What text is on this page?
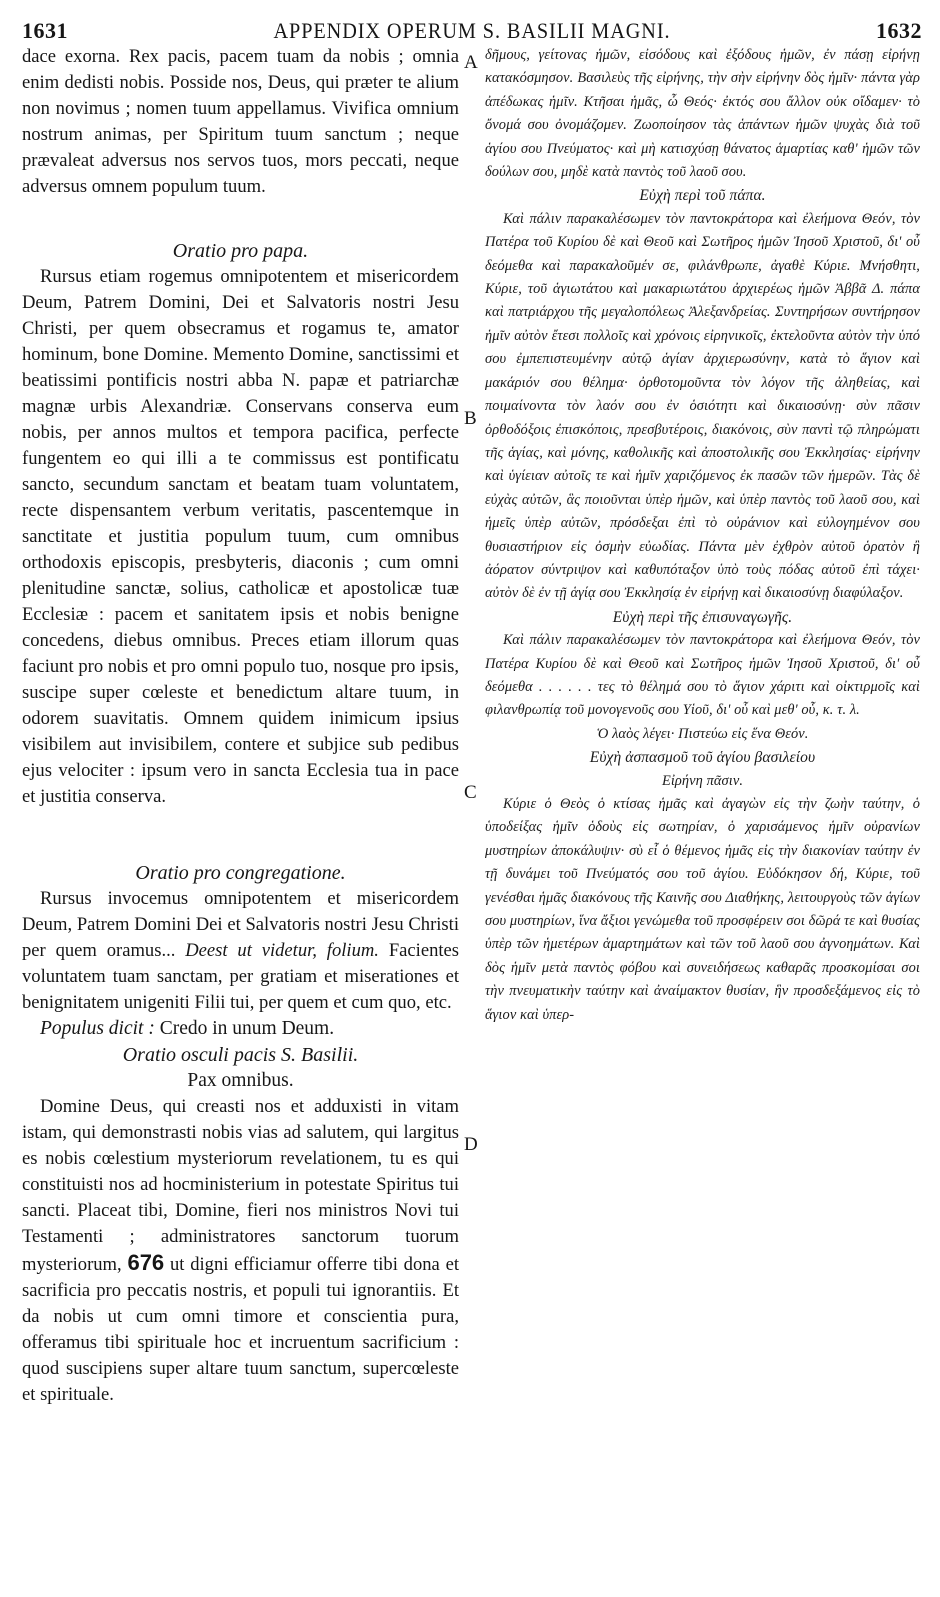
1631	APPENDIX OPERUM S. BASILII MAGNI.	1632
A
B
C
D

dace exorna. Rex pacis, pacem tuam da nobis ; omnia enim dedisti nobis. Possidе nos, Deus, qui præter te alium non novimus ; nomen tuum appellamus. Vivifica omnium nostrum animas, per Spiritum tuum sanctum ; neque prævaleat adversus nos servos tuos, mors peccati, neque adversus omnem populum tuum.

Oratio pro papa.

Rursus etiam rogemus omnipotentem et misericordem Deum, Patrem Domini, Dei et Salvatoris nostri Jesu Christi, per quem obsecramus et rogamus te, amator hominum, bone Domine. Memento Domine, sanctissimi et beatissimi pontificis nostri abba N. papæ et patriarchæ magnæ urbis Alexandriæ. Conservans conserva eum nobis, per annos multos et tempora pacifica, perfecte fungentem eo qui illi a te commissus est pontificatu sancto, secundum sanctam et beatam tuam voluntatem, recte dispensantem verbum veritatis, pascentemque in sanctitate et justitia populum tuum, cum omnibus orthodoxis episcopis, presbyteris, diaconis ; cum omni plenitudine sanctæ, solius, catholicæ et apostolicæ tuæ Ecclesiæ : pacem et sanitatem ipsis et nobis benigne concedens, diebus omnibus. Preces etiam illorum quas faciunt pro nobis et pro omni populo tuo, nosque pro ipsis, suscipe super cœleste et benedictum altare tuum, in odorem suavitatis. Omnem quidem inimicum ipsius visibilem aut invisibilem, contere et subjice sub pedibus ejus velociter : ipsum vero in sancta Ecclesia tua in pace et justitia conserva.

Oratio pro congregatione.

Rursus invocemus omnipotentem et misericordem Deum, Patrem Domini Dei et Salvatoris nostri Jesu Christi per quem oramus... Deest ut videtur, folium. Facientes voluntatem tuam sanctam, per gratiam et miserationes et benignitatem unigeniti Filii tui, per quem et cum quo, etc.

Populus dicit : Credo in unum Deum.

Oratio osculi pacis S. Basilii.

Pax omnibus.

Domine Deus, qui creasti nos et adduxisti in vitam istam, qui demonstrasti nobis vias ad salutem, qui largitus es nobis cœlestium mysteriorum revelationem, tu es qui constituisti nos ad hocministerium in potestate Spiritus tui sancti. Placeat tibi, Domine, fieri nos ministros Novi tui Testamenti ; administratores sanctorum tuorum mysteriorum, 676 ut digni efficiamur offerre tibi dona et sacrificia pro peccatis nostris, et populi tui ignorantiis. Et da nobis ut cum omni timore et conscientia pura, offeramus tibi spirituale hoc et incruentum sacrificium : quod suscipiens super altare tuum sanctum, supercœleste et spirituale.

δῆμους, γείτονας ἡμῶν, εἰσόδους καὶ ἐξόδους ἡμῶν, ἐν πάσῃ εἰρήνῃ κατακόσμησον. Βασιλεὺς τῆς εἰρήνης, τὴν σὴν εἰρήνην δὸς ἡμῖν· πάντα γὰρ ἀπέδωκας ἡμῖν. Κτῆσαι ἡμᾶς, ὦ Θεός· ἐκτός σου ἄλλον οὐκ οἴδαμεν· τὸ ὄνομά σου ὀνομάζομεν. Ζωοποίησον τὰς ἁπάντων ἡμῶν ψυχὰς διὰ τοῦ ἁγίου σου Πνεύματος· καὶ μὴ κατισχύσῃ θάνατος ἁμαρτίας καθ' ἡμῶν τῶν δούλων σου, μηδὲ κατὰ παντὸς τοῦ λαοῦ σου.

Εὐχὴ περὶ τοῦ πάπα.

Καὶ πάλιν παρακαλέσωμεν τὸν παντοκράτορα καὶ ἐλεήμονα Θεόν, τὸν Πατέρα τοῦ Κυρίου δὲ καὶ Θεοῦ καὶ Σωτῆρος ἡμῶν Ἰησοῦ Χριστοῦ, δι' οὗ δεόμεθα καὶ παρακαλοῦμέν σε, φιλάνθρωπε, ἀγαθὲ Κύριε. Μνήσθητι, Κύριε, τοῦ ἁγιωτάτου καὶ μακαριωτάτου ἀρχιερέως ἡμῶν Ἀββᾶ Δ. πάπα καὶ πατριάρχου τῆς μεγαλοπόλεως Ἀλεξανδρείας. Συντηρήσων συντήρησον ἡμῖν αὐτὸν ἔτεσι πολλοῖς καὶ χρόνοις εἰρηνικοῖς, ἐκτελοῦντα αὐτὸν τὴν ὑπό σου ἐμπεπιστευμένην αὐτῷ ἁγίαν ἀρχιερωσύνην, κατὰ τὸ ἅγιον καὶ μακάριόν σου θέλημα· ὀρθοτομοῦντα τὸν λόγον τῆς ἀληθείας, καὶ ποιμαίνοντα τὸν λαόν σου ἐν ὁσιότητι καὶ δικαιοσύνῃ· σὺν πᾶσιν ὀρθοδόξοις ἐπισκόποις, πρεσβυτέροις, διακόνοις, σὺν παντὶ τῷ πληρώματι τῆς ἁγίας, καὶ μόνης, καθολικῆς καὶ ἀποστολικῆς σου Ἐκκλησίας· εἰρήνην καὶ ὑγίειαν αὐτοῖς τε καὶ ἡμῖν χαριζόμενος ἐκ πασῶν τῶν ἡμερῶν. Τὰς δὲ εὐχὰς αὐτῶν, ἃς ποιοῦνται ὑπὲρ ἡμῶν, καὶ ὑπὲρ παντὸς τοῦ λαοῦ σου, καὶ ἡμεῖς ὑπὲρ αὐτῶν, πρόσδεξαι ἐπὶ τὸ οὐράνιον καὶ εὐλογημένον σου θυσιαστήριον εἰς ὀσμὴν εὐωδίας. Πάντα μὲν ἐχθρὸν αὐτοῦ ὁρατὸν ἢ ἀόρατον σύντριψον καὶ καθυπόταξον ὑπὸ τοὺς πόδας αὐτοῦ ἐπὶ τάχει· αὐτὸν δὲ ἐν τῇ ἁγίᾳ σου Ἐκκλησίᾳ ἐν εἰρήνῃ καὶ δικαιοσύνῃ διαφύλαξον.

Εὐχὴ περὶ τῆς ἐπισυναγωγῆς.

Καὶ πάλιν παρακαλέσωμεν τὸν παντοκράτορα καὶ ἐλεήμονα Θεόν, τὸν Πατέρα Κυρίου δὲ καὶ Θεοῦ καὶ Σωτῆρος ἡμῶν Ἰησοῦ Χριστοῦ, δι' οὗ δεόμεθα . . . . . . τες τὸ θέλημά σου τὸ ἅγιον χάριτι καὶ οἰκτιρμοῖς καὶ φιλανθρωπίᾳ τοῦ μονογενοῦς σου Υἱοῦ, δι' οὗ καὶ μεθ' οὗ, κ. τ. λ.

Ὁ λαὸς λέγει· Πιστεύω εἰς ἕνα Θεόν.

Εὐχὴ ἀσπασμοῦ τοῦ ἁγίου βασιλείου

Εἰρήνη πᾶσιν.

Κύριε ὁ Θεὸς ὁ κτίσας ἡμᾶς καὶ ἀγαγὼν εἰς τὴν ζωὴν ταύτην, ὁ ὑποδείξας ἡμῖν ὁδοὺς εἰς σωτηρίαν, ὁ χαρισάμενος ἡμῖν οὐρανίων μυστηρίων ἀποκάλυψιν· σὺ εἶ ὁ θέμενος ἡμᾶς εἰς τὴν διακονίαν ταύτην ἐν τῇ δυνάμει τοῦ Πνεύματός σου τοῦ ἁγίου. Εὐδόκησον δή, Κύριε, τοῦ γενέσθαι ἡμᾶς διακόνους τῆς Καινῆς σου Διαθήκης, λειτουργοὺς τῶν ἁγίων σου μυστηρίων, ἵνα ἄξιοι γενώμεθα τοῦ προσφέρειν σοι δῶρά τε καὶ θυσίας ὑπὲρ τῶν ἡμετέρων ἁμαρτημάτων καὶ τῶν τοῦ λαοῦ σου ἀγνοημάτων. Καὶ δὸς ἡμῖν μετὰ παντὸς φόβου καὶ συνειδήσεως καθαρᾶς προσκομίσαι σοι τὴν πνευματικὴν ταύτην καὶ ἀναίμακτον θυσίαν, ἣν προσδεξάμενος εἰς τὸ ἅγιον καὶ ὑπερ-
